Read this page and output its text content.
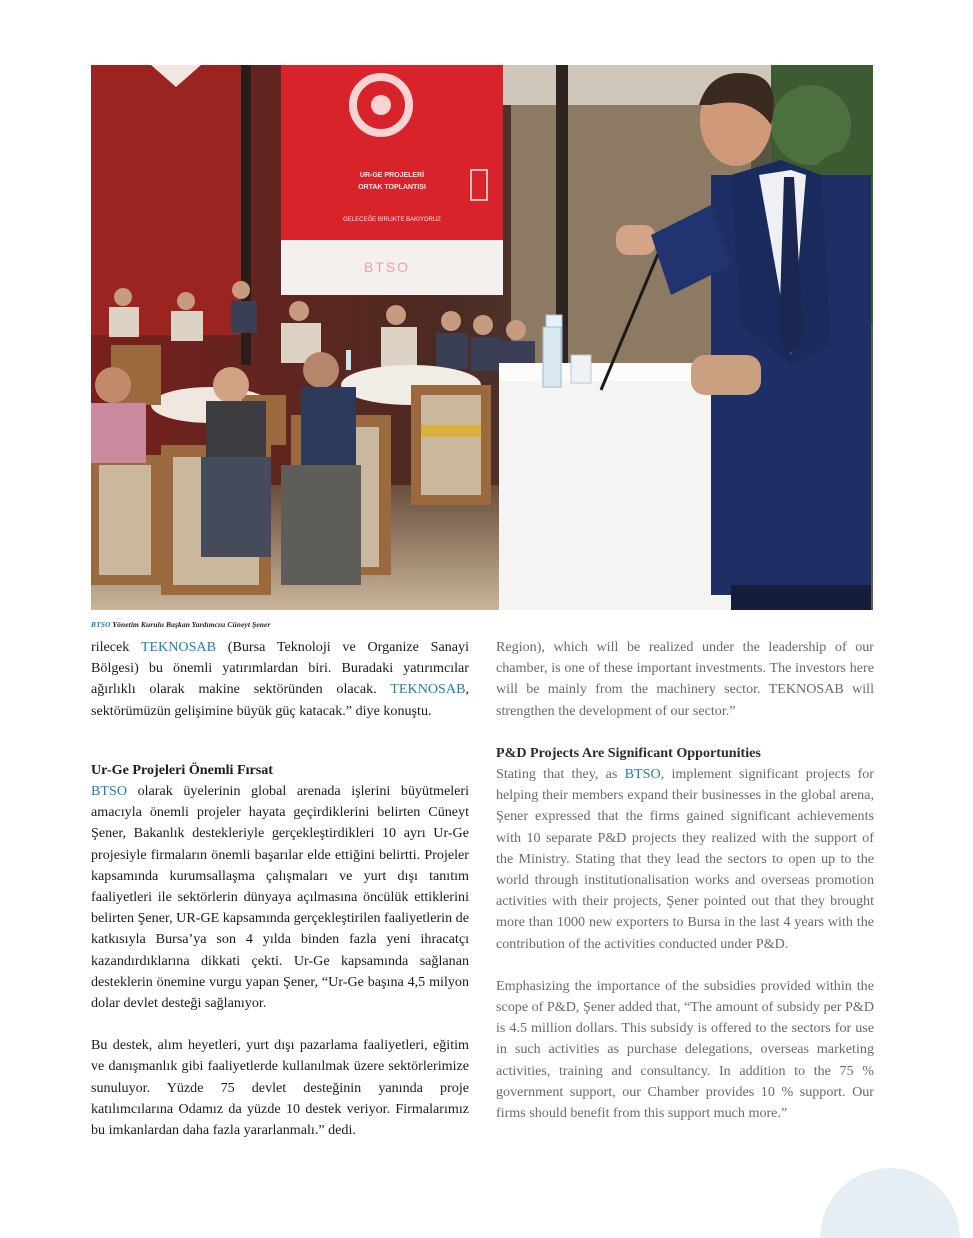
UR-GE PROJELERİ
ORTAK TOPLANTISI
GELECEĞE BİRLİKTE BAKIYORUZ
BTSO
BTSO Yönetim Kurulu Başkan Yardımcısı Cüneyt Şener

rilecek TEKNOSAB (Bursa Teknoloji ve Organize Sanayi Bölgesi) bu önemli yatırımlardan biri. Buradaki yatırımcılar ağırlıklı olarak makine sektöründen olacak. TEKNOSAB, sektörümüzün gelişimine büyük güç katacak.” diye konuştu.

Ur-Ge Projeleri Önemli Fırsat

BTSO olarak üyelerinin global arenada işlerini büyütmeleri amacıyla önemli projeler hayata geçirdiklerini belirten Cüneyt Şener, Bakanlık destekleriyle gerçekleştirdikleri 10 ayrı Ur-Ge projesiyle firmaların önemli başarılar elde ettiğini belirtti. Projeler kapsamında kurumsallaşma çalışmaları ve yurt dışı tanıtım faaliyetleri ile sektörlerin dünyaya açılmasına öncülük ettiklerini belirten Şener, UR-GE kapsamında gerçekleştirilen faaliyetlerin de katkısıyla Bursa’ya son 4 yılda binden fazla yeni ihracatçı kazandırdıklarına dikkati çekti. Ur-Ge kapsamında sağlanan desteklerin önemine vurgu yapan Şener, “Ur-Ge başına 4,5 milyon dolar devlet desteği sağlanıyor.

Bu destek, alım heyetleri, yurt dışı pazarlama faaliyetleri, eğitim ve danışmanlık gibi faaliyetlerde kullanılmak üzere sektörlerimize sunuluyor. Yüzde 75 devlet desteğinin yanında proje katılımcılarına Odamız da yüzde 10 destek veriyor. Firmalarımız bu imkanlardan daha fazla yararlanmalı.” dedi.

Region), which will be realized under the leadership of our chamber, is one of these important investments. The investors here will be mainly from the machinery sector. TEKNOSAB will strengthen the development of our sector.”

P&D Projects Are Significant Opportunities

Stating that they, as BTSO, implement significant projects for helping their members expand their businesses in the global arena, Şener expressed that the firms gained significant achievements with 10 separate P&D projects they realized with the support of the Ministry. Stating that they lead the sectors to open up to the world through institutionalisation works and overseas promotion activities with their projects, Şener pointed out that they brought more than 1000 new exporters to Bursa in the last 4 years with the contribution of the activities conducted under P&D.

Emphasizing the importance of the subsidies provided within the scope of P&D, Şener added that, “The amount of subsidy per P&D is 4.5 million dollars. This subsidy is offered to the sectors for use in such activities as purchase delegations, overseas marketing activities, training and consultancy. In addition to the 75 % government support, our Chamber provides 10 % support. Our firms should benefit from this support much more.”
